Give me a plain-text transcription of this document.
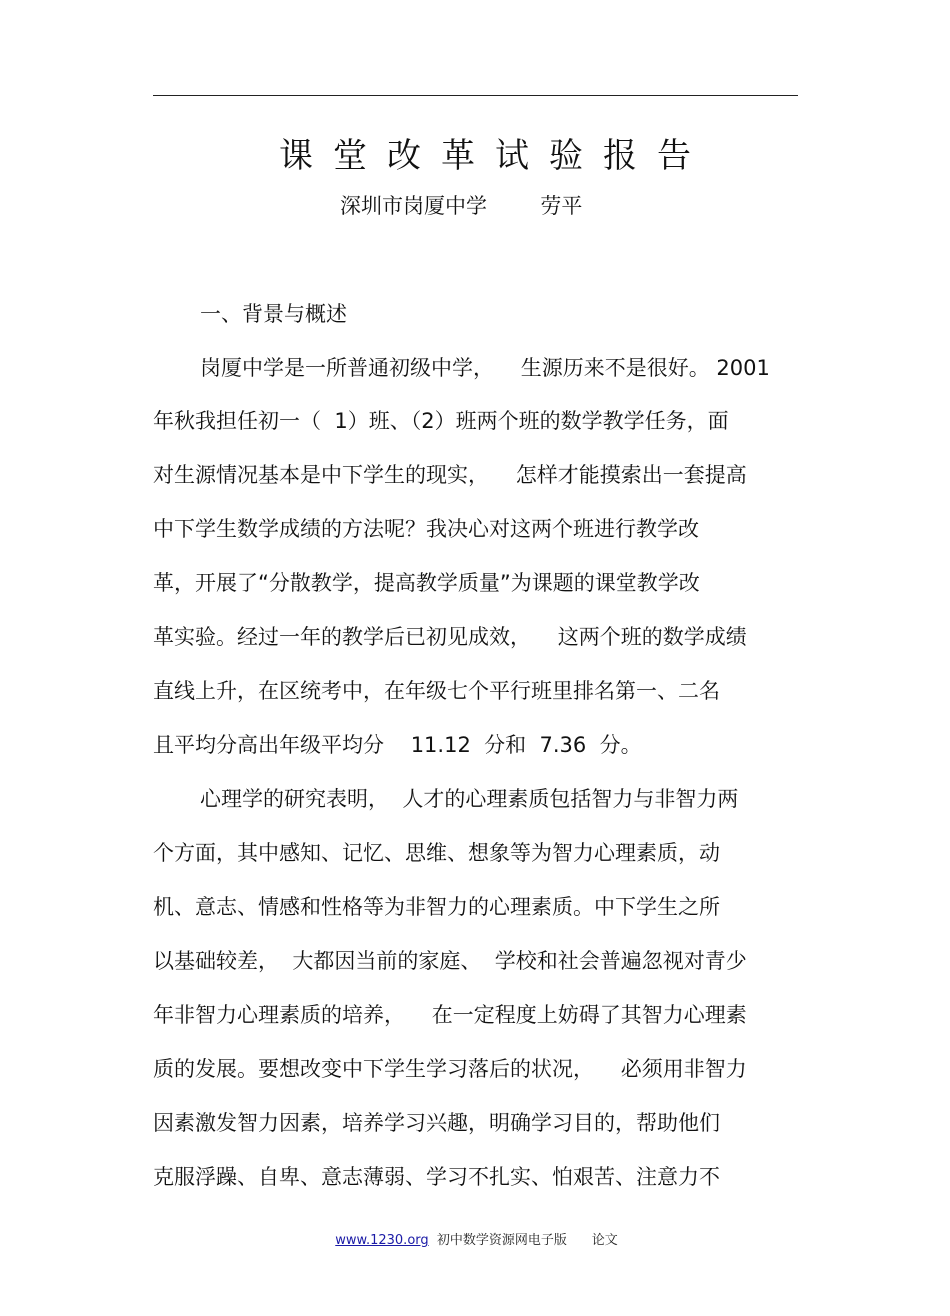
课堂改革试验报告
深圳市岗厦中学        劳平
一、背景与概述
岗厦中学是一所普通初级中学，    生源历来不是很好。 2001
年秋我担任初一（  1）班、（2）班两个班的数学教学任务，面
对生源情况基本是中下学生的现实，    怎样才能摸索出一套提高
中下学生数学成绩的方法呢？我决心对这两个班进行教学改
革，开展了“分散教学，提高教学质量”为课题的课堂教学改
革实验。经过一年的教学后已初见成效，    这两个班的数学成绩
直线上升，在区统考中，在年级七个平行班里排名第一、二名
且平均分高出年级平均分    11.12  分和  7.36  分。
心理学的研究表明，  人才的心理素质包括智力与非智力两
个方面，其中感知、记忆、思维、想象等为智力心理素质，动
机、意志、情感和性格等为非智力的心理素质。中下学生之所
以基础较差，  大都因当前的家庭、  学校和社会普遍忽视对青少
年非智力心理素质的培养，    在一定程度上妨碍了其智力心理素
质的发展。要想改变中下学生学习落后的状况，    必须用非智力
因素激发智力因素，培养学习兴趣，明确学习目的，帮助他们
克服浮躁、自卑、意志薄弱、学习不扎实、怕艰苦、注意力不

www.1230.org  初中数学资源网电子版      论文
